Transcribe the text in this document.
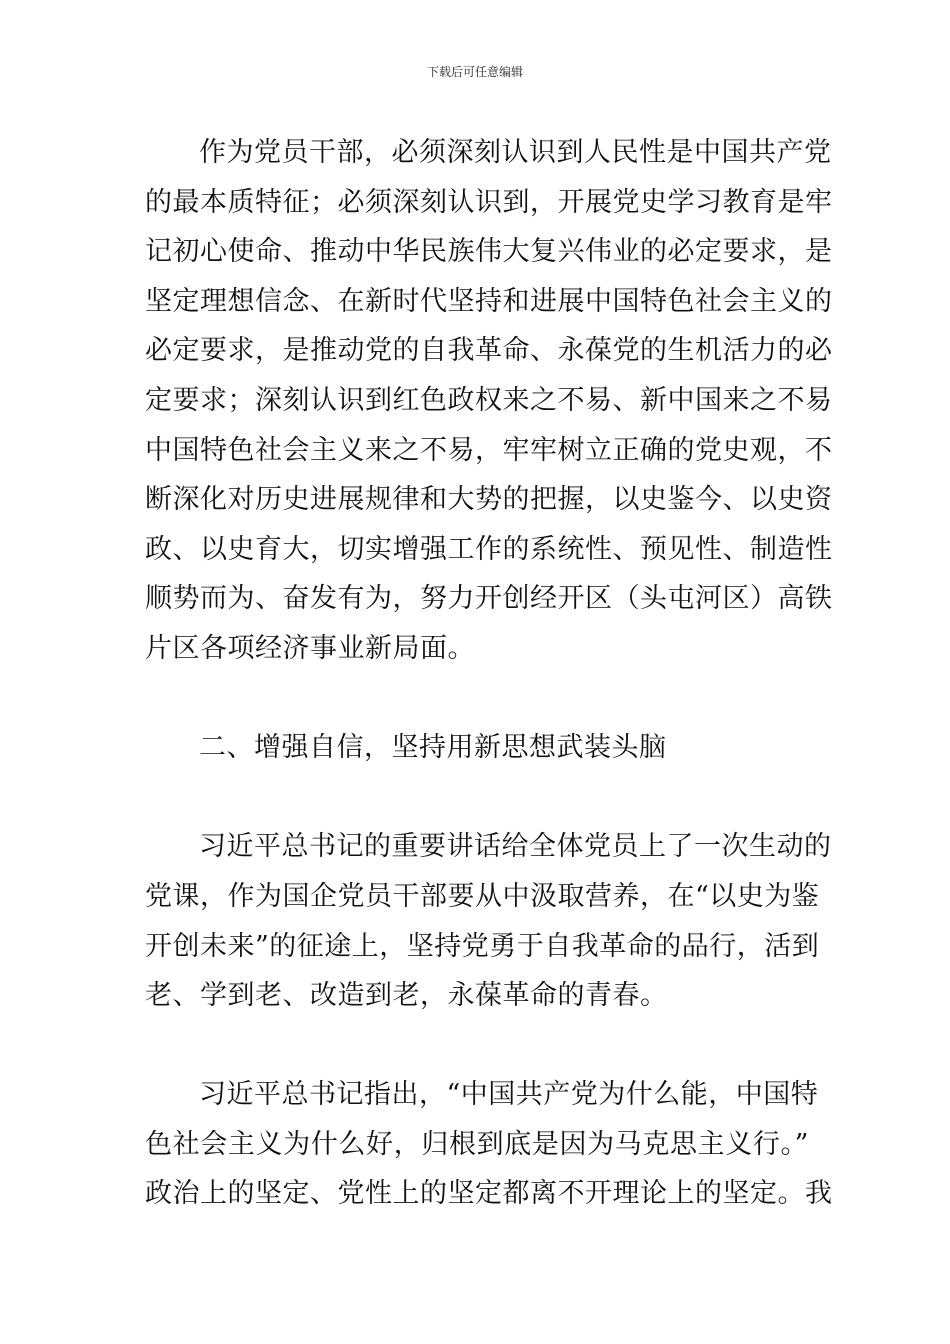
下载后可任意编辑
作为党员干部，必须深刻认识到人民性是中国共产党
的最本质特征；必须深刻认识到，开展党史学习教育是牢
记初心使命、推动中华民族伟大复兴伟业的必定要求，是
坚定理想信念、在新时代坚持和进展中国特色社会主义的
必定要求，是推动党的自我革命、永葆党的生机活力的必
定要求；深刻认识到红色政权来之不易、新中国来之不易
中国特色社会主义来之不易，牢牢树立正确的党史观，不
断深化对历史进展规律和大势的把握，以史鉴今、以史资
政、以史育大，切实增强工作的系统性、预见性、制造性
顺势而为、奋发有为，努力开创经开区（头屯河区）高铁
片区各项经济事业新局面。
二、增强自信，坚持用新思想武装头脑
习近平总书记的重要讲话给全体党员上了一次生动的
党课，作为国企党员干部要从中汲取营养，在“以史为鉴
开创未来”的征途上，坚持党勇于自我革命的品行，活到
老、学到老、改造到老，永葆革命的青春。
习近平总书记指出，“中国共产党为什么能，中国特
色社会主义为什么好，归根到底是因为马克思主义行。”
政治上的坚定、党性上的坚定都离不开理论上的坚定。我
